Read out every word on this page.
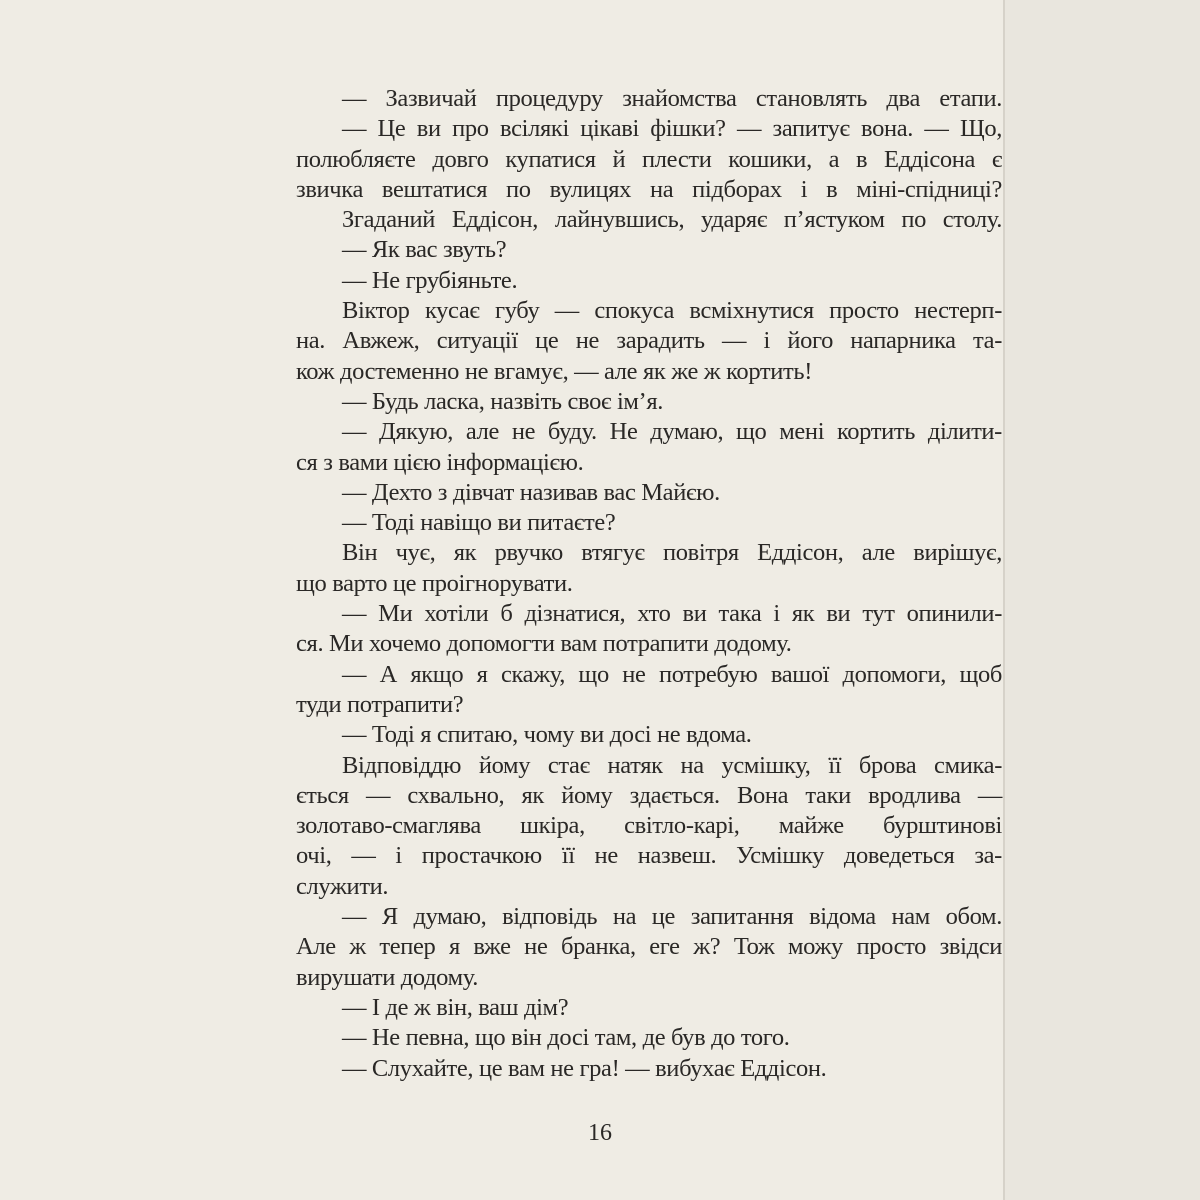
— Зазвичай процедуру знайомства становлять два етапи.
— Це ви про всілякі цікаві фішки? — запитує вона. — Що,
полюбляєте довго купатися й плести кошики, а в Еддісона є
звичка вештатися по вулицях на підборах і в міні-спідниці?
Згаданий Еддісон, лайнувшись, ударяє п’ястуком по столу.
— Як вас звуть?
— Не грубіяньте.
Віктор кусає губу — спокуса всміхнутися просто нестерп-
на. Авжеж, ситуації це не зарадить — і його напарника та-
кож достеменно не вгамує, — але як же ж кортить!
— Будь ласка, назвіть своє ім’я.
— Дякую, але не буду. Не думаю, що мені кортить ділити-
ся з вами цією інформацією.
— Дехто з дівчат називав вас Майєю.
— Тоді навіщо ви питаєте?
Він чує, як рвучко втягує повітря Еддісон, але вирішує,
що варто це проігнорувати.
— Ми хотіли б дізнатися, хто ви така і як ви тут опинили-
ся. Ми хочемо допомогти вам потрапити додому.
— А якщо я скажу, що не потребую вашої допомоги, щоб
туди потрапити?
— Тоді я спитаю, чому ви досі не вдома.
Відповіддю йому стає натяк на усмішку, її брова смика-
ється — схвально, як йому здається. Вона таки вродлива —
золотаво-смаглява шкіра, світло-карі, майже бурштинові
очі, — і простачкою її не назвеш. Усмішку доведеться за-
служити.
— Я думаю, відповідь на це запитання відома нам обом.
Але ж тепер я вже не бранка, еге ж? Тож можу просто звідси
вирушати додому.
— І де ж він, ваш дім?
— Не певна, що він досі там, де був до того.
— Слухайте, це вам не гра! — вибухає Еддісон.
16
